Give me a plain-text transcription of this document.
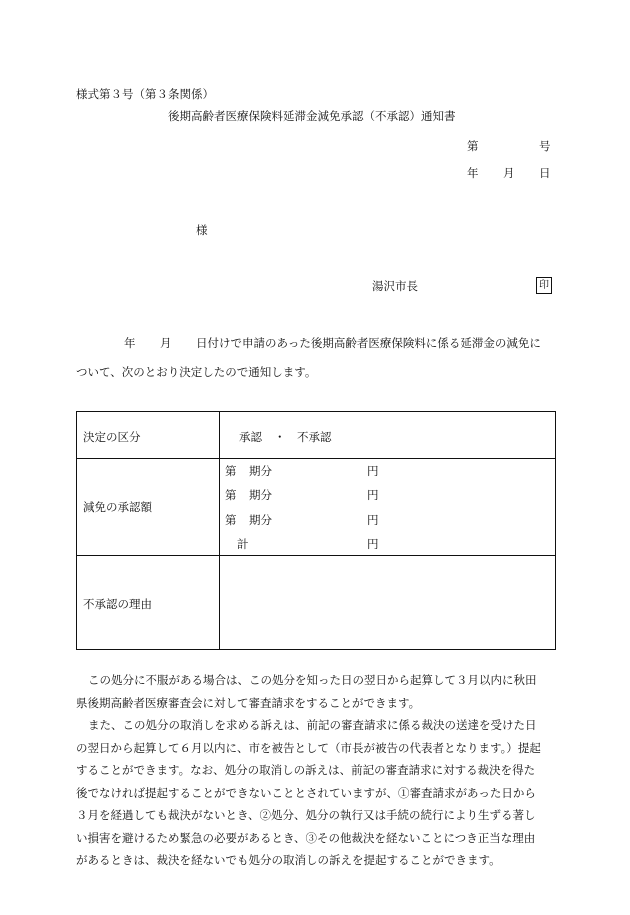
様式第３号（第３条関係）
後期高齢者医療保険料延滞金減免承認（不承認）通知書
第	号
年 月 日
様
湯沢市長	印
年 月 日付けで申請のあった後期高齢者医療保険料に係る延滞金の減免に
ついて、次のとおり決定したので通知します。
決定の区分	承認 ・ 不承認
減免の承認額
第 期分	円
第 期分	円
第 期分	円
計	円
不承認の理由
この処分に不服がある場合は、この処分を知った日の翌日から起算して３月以内に秋田
県後期高齢者医療審査会に対して審査請求をすることができます。
また、この処分の取消しを求める訴えは、前記の審査請求に係る裁決の送達を受けた日
の翌日から起算して６月以内に、市を被告として（市長が被告の代表者となります。）提起
することができます。なお、処分の取消しの訴えは、前記の審査請求に対する裁決を得た
後でなければ提起することができないこととされていますが、①審査請求があった日から
３月を経過しても裁決がないとき、②処分、処分の執行又は手続の続行により生ずる著し
い損害を避けるため緊急の必要があるとき、③その他裁決を経ないことにつき正当な理由
があるときは、裁決を経ないでも処分の取消しの訴えを提起することができます。
